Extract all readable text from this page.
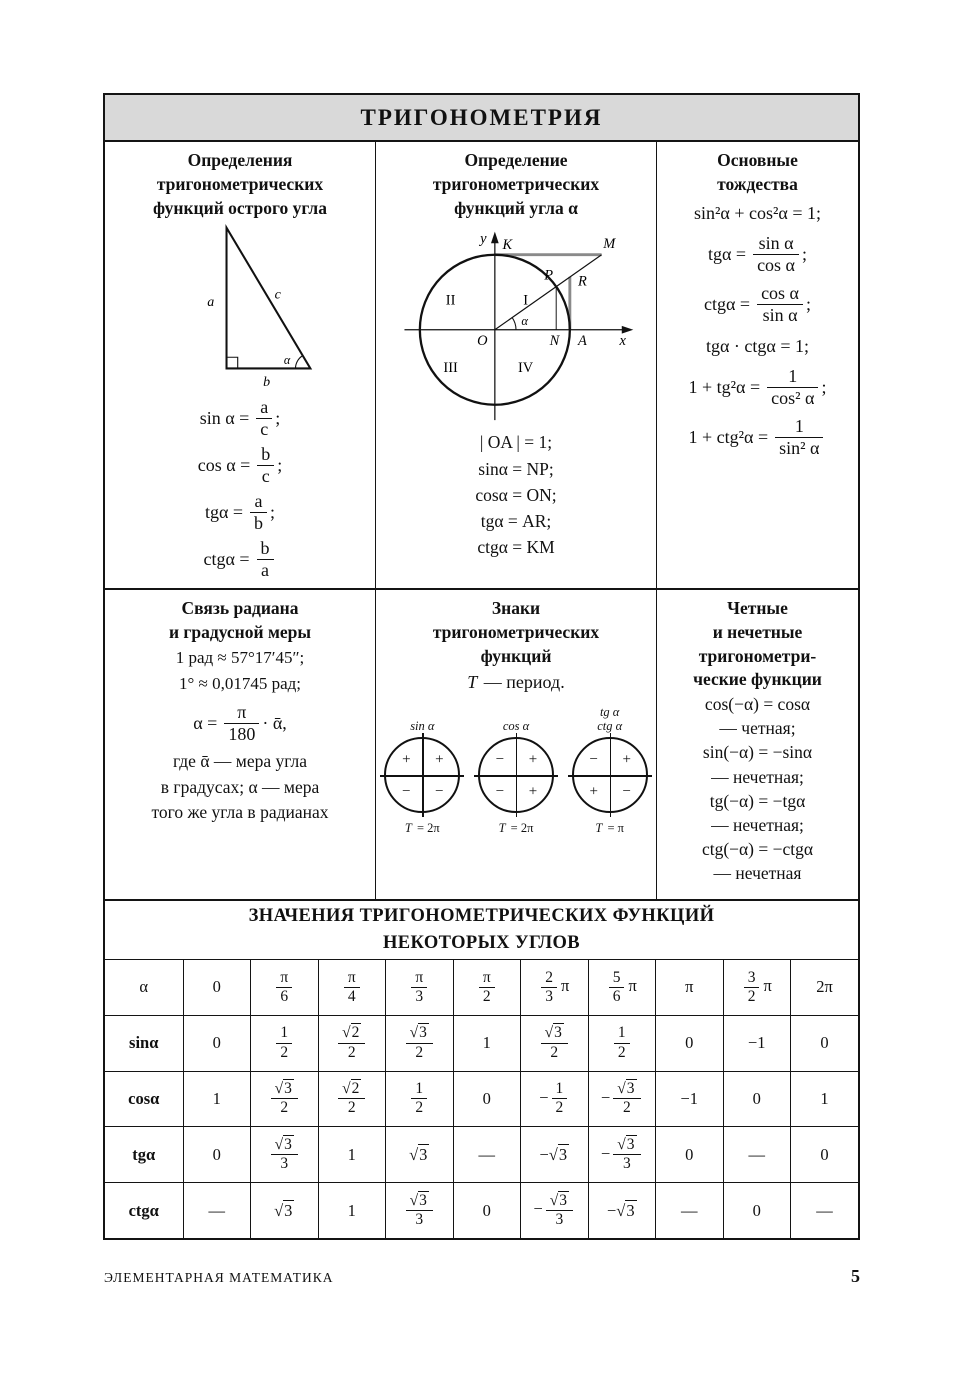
ТРИГОНОМЕТРИЯ
Определения
тригонометрических
функций острого угла
a	c
b
α
$\sin \alpha = \frac{a}{c}$ ;
$\cos \alpha = \frac{b}{c}$ ;
$tg\alpha = \frac{a}{b}$ ;
$ctg\alpha = \frac{b}{a}$
Определение
тригонометрических
функций угла α
y
x
K	M
P R
O	N A
I
II
III	IV
α
| OA | = 1;
sinα = NP;
cosα = ON;
tgα = AR;
ctgα = KM
Основные
тождества
sin²α + cos²α = 1;
$tg\alpha = \frac{\text{sin α}}{\text{cos α}}$ ;
$ctg\alpha = \frac{\text{cos α}}{\text{sin α}}$ ;
tgα · ctgα = 1;
$1 + tg^2\alpha = \frac{1}{\text{cos² α}}$ ;
$1 + ctg^2\alpha = \frac{1}{\text{sin² α}}$
Связь радиана
и градусной меры
1 рад ≈ 57°17′45″;
1° ≈ 0,01745 рад;
$\alpha = \frac{\pi}{180}$ · ᾱ,
где ᾱ — мера угла
в градусах; α — мера
того же угла в радианах
Знаки
тригонометрических
функций
T — период.
sin α
+ +
− −
T = 2π
cos α
− +
− +
T = 2π
tg α
ctg α
− +
+ −
T = π
Четные
и нечетные
тригонометри-
ческие функции
cos(−α) = cosα
— четная;
sin(−α) = −sinα
— нечетная;
tg(−α) = −tgα
— нечетная;
ctg(−α) = −ctgα
— нечетная
ЗНАЧЕНИЯ ТРИГОНОМЕТРИЧЕСКИХ ФУНКЦИЙ
НЕКОТОРЫХ УГЛОВ
α	0	$\frac{\pi}{6}$	$\frac{\pi}{4}$	$\frac{\pi}{3}$	$\frac{\pi}{2}$	$\frac{2}{3}$ π	$\frac{5}{6}$ π	π	$\frac{3}{2}$ π	2π
sinα	0	$\frac{1}{2}$	$\frac{√2}{2}$	$\frac{√3}{2}$	1	$\frac{√3}{2}$	$\frac{1}{2}$	0	−1	0
cosα	1	$\frac{√3}{2}$	$\frac{√2}{2}$	$\frac{1}{2}$	0	− $\frac{1}{2}$	− $\frac{√3}{2}$	−1	0	1
tgα	0	$\frac{√3}{3}$	1	√3	—	−√3	− $\frac{√3}{3}$	0	—	0
ctgα	—	√3	1	$\frac{√3}{3}$	0	− $\frac{√3}{3}$	−√3	—	0	—
ЭЛЕМЕНТАРНАЯ МАТЕМАТИКА	5
